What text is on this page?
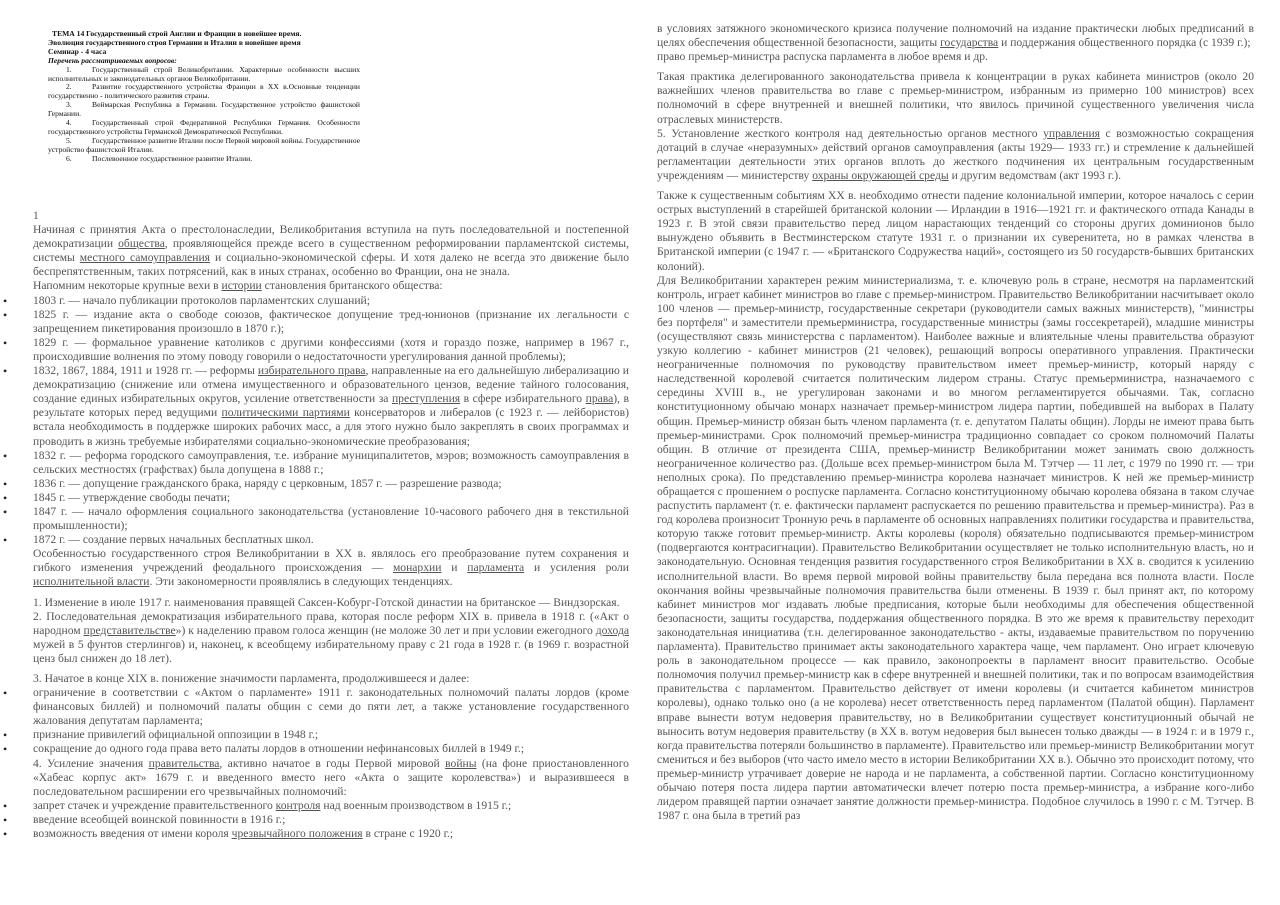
ТЕМА 14 Государственный строй Англии и Франции в новейшее время.
Эволюция государственного строя Германии и Италии в новейшее время
Семинар - 4 часа
Перечень рассматриваемых вопросов:
1.	Государственный строй Великобритании. Характерные особенности высших исполнительных и законодательных органов Великобритании.
2.	Развитие государственного устройства Франции в XX в.Основные тенденции государственно - политического развития страны.
3.	Веймарская Республика в Германии. Государственное устройство фашистской Германии.
4.	Государственный строй Федеративной Республики Германия. Особенности государственного устройства Германской Демократической Республики.
5.	Государственное развитие Италии после Первой мировой войны. Государственное устройство фашистской Италии.
6.	Послевоенное государственное развитие Италии.

1

Начиная с принятия Акта о престолонаследии, Великобритания вступила на путь последовательной и постепенной демократизации общества, проявляющейся прежде всего в существенном реформировании парламентской системы, системы местного самоуправления и социально-экономической сферы. И хотя далеко не всегда это движение было беспрепятственным, таких потрясений, как в иных странах, особенно во Франции, она не знала.

Напомним некоторые крупные вехи в истории становления британского общества:

• 1803 г. — начало публикации протоколов парламентских слушаний;
• 1825 г. — издание акта о свободе союзов, фактическое допущение тред-юнионов (признание их легальности с запрещением пикетирования произошло в 1870 г.);
• 1829 г. — формальное уравнение католиков с другими конфессиями (хотя и гораздо позже, например в 1967 г., происходившие волнения по этому поводу говорили о недостаточности урегулирования данной проблемы);
• 1832, 1867, 1884, 1911 и 1928 гг. — реформы избирательного права, направленные на его дальнейшую либерализацию и демократизацию (снижение или отмена имущественного и образовательного цензов, ведение тайного голосования, создание единых избирательных округов, усиление ответственности за преступления в сфере избирательного права), в результате которых перед ведущими политическими партиями консерваторов и либералов (с 1923 г. — лейбористов) встала необходимость в поддержке широких рабочих масс, а для этого нужно было закреплять в своих программах и проводить в жизнь требуемые избирателями социально-экономические преобразования;
• 1832 г. — реформа городского самоуправления, т.е. избрание муниципалитетов, мэров; возможность самоуправления в сельских местностях (графствах) была допущена в 1888 г.;
• 1836 г. — допущение гражданского брака, наряду с церковным, 1857 г. — разрешение развода;
• 1845 г. — утверждение свободы печати;
• 1847 г. — начало оформления социального законодательства (установление 10-часового рабочего дня в текстильной промышленности);
• 1872 г. — создание первых начальных бесплатных школ.

Особенностью государственного строя Великобритании в XX в. являлось его преобразование путем сохранения и гибкого изменения учреждений феодального происхождения — монархии и парламента и усиления роли исполнительной власти. Эти закономерности проявлялись в следующих тенденциях.

1. Изменение в июле 1917 г. наименования правящей Саксен-Кобург-Готской династии на британское — Виндзорская.

2. Последовательная демократизация избирательного права, которая после реформ XIX в. привела в 1918 г. («Акт о народном представительстве») к наделению правом голоса женщин (не моложе 30 лет и при условии ежегодного дохода мужей в 5 фунтов стерлингов) и, наконец, к всеобщему избирательному праву с 21 года в 1928 г. (в 1969 г. возрастной ценз был снижен до 18 лет).

3. Начатое в конце XIX в. понижение значимости парламента, продолжившееся и далее:

• ограничение в соответствии с «Актом о парламенте» 1911 г. законодательных полномочий палаты лордов (кроме финансовых биллей) и полномочий палаты общин с семи до пяти лет, а также установление государственного жалования депутатам парламента;
• признание привилегий официальной оппозиции в 1948 г.;
• сокращение до одного года права вето палаты лордов в отношении нефинансовых биллей в 1949 г.;

4. Усиление значения правительства, активно начатое в годы Первой мировой войны (на фоне приостановленного «Хабеас корпус акт» 1679 г. и введенного вместо него «Акта о защите королевства») и выразившееся в последовательном расширении его чрезвычайных полномочий:

• запрет стачек и учреждение правительственного контроля над военным производством в 1915 г.;
• введение всеобщей воинской повинности в 1916 г.;
• возможность введения от имени короля чрезвычайного положения в стране с 1920 г.;

в условиях затяжного экономического кризиса получение полномочий на издание практически любых предписаний в целях обеспечения общественной безопасности, защиты государства и поддержания общественного порядка (с 1939 г.);

право премьер-министра распуска парламента в любое время и др.

Такая практика делегированного законодательства привела к концентрации в руках кабинета министров (около 20 важнейших членов правительства во главе с премьер-министром, избранным из примерно 100 министров) всех полномочий в сфере внутренней и внешней политики, что явилось причиной существенного увеличения числа отраслевых министерств.

5. Установление жесткого контроля над деятельностью органов местного управления с возможностью сокращения дотаций в случае «неразумных» действий органов самоуправления (акты 1929— 1933 гг.) и стремление к дальнейшей регламентации деятельности этих органов вплоть до жесткого подчинения их центральным государственным учреждениям — министерству охраны окружающей среды и другим ведомствам (акт 1993 г.).

Также к существенным событиям XX в. необходимо отнести падение колониальной империи, которое началось с серии острых выступлений в старейшей британской колонии — Ирландии в 1916—1921 гг. и фактического отпада Канады в 1923 г. В этой связи правительство перед лицом нарастающих тенденций со стороны других доминионов было вынуждено объявить в Вестминстерском статуте 1931 г. о признании их суверенитета, но в рамках членства в Британской империи (с 1947 г. — «Британского Содружества наций», состоящего из 50 государств-бывших британских колоний).

Для Великобритании характерен режим министериализма, т. е. ключевую роль в стране, несмотря на парламентский контроль, играет кабинет министров во главе с премьер-министром. Правительство Великобритании насчитывает около 100 членов — премьер-министр, государственные секретари (руководители самых важных министерств), "министры без портфеля" и заместители премьерминистра, государственные министры (замы госсекретарей), младшие министры (осуществляют связь министерства с парламентом). Наиболее важные и влиятельные члены правительства образуют узкую коллегию - кабинет министров (21 человек), решающий вопросы оперативного управления. Практически неограниченные полномочия по руководству правительством имеет премьер-министр, который наряду с наследственной королевой считается политическим лидером страны. Статус премьерминистра, назначаемого с середины XVIII в., не урегулирован законами и во многом регламентируется обычаями. Так, согласно конституционному обычаю монарх назначает премьер-министром лидера партии, победившей на выборах в Палату общин. Премьер-министр обязан быть членом парламента (т. е. депутатом Палаты общин). Лорды не имеют права быть премьер-министрами. Срок полномочий премьер-министра традиционно совпадает со сроком полномочий Палаты общин. В отличие от президента США, премьер-министр Великобритании может занимать свою должность неограниченное количество раз. (Дольше всех премьер-министром была М. Тэтчер — 11 лет, с 1979 по 1990 гг. — три неполных срока). По представлению премьер-министра королева назначает министров. К ней же премьер-министр обращается с прошением о роспуске парламента. Согласно конституционному обычаю королева обязана в таком случае распустить парламент (т. е. фактически парламент распускается по решению правительства и премьер-министра). Раз в год королева произносит Тронную речь в парламенте об основных направлениях политики государства и правительства, которую также готовит премьер-министр. Акты королевы (короля) обязательно подписываются премьер-министром (подвергаются контрасигнации). Правительство Великобритании осуществляет не только исполнительную власть, но и законодательную. Основная тенденция развития государственного строя Великобритании в XX в. сводится к усилению исполнительной власти. Во время первой мировой войны правительству была передана вся полнота власти. После окончания войны чрезвычайные полномочия правительства были отменены. В 1939 г. был принят акт, по которому кабинет министров мог издавать любые предписания, которые были необходимы для обеспечения общественной безопасности, защиты государства, поддержания общественного порядка. В это же время к правительству переходит законодательная инициатива (т.н. делегированное законодательство - акты, издаваемые правительством по поручению парламента). Правительство принимает акты законодательного характера чаще, чем парламент. Оно играет ключевую роль в законодательном процессе — как правило, законопроекты в парламент вносит правительство. Особые полномочия получил премьер-министр как в сфере внутренней и внешней политики, так и по вопросам взаимодействия правительства с парламентом. Правительство действует от имени королевы (и считается кабинетом министров королевы), однако только оно (а не королева) несет ответственность перед парламентом (Палатой общин). Парламент вправе вынести вотум недоверия правительству, но в Великобритании существует конституционный обычай не выносить вотум недоверия правительству (в XX в. вотум недоверия был вынесен только дважды — в 1924 г. и в 1979 г., когда правительства потеряли большинство в парламенте). Правительство или премьер-министр Великобритании могут смениться и без выборов (что часто имело место в истории Великобритании XX в.). Обычно это происходит потому, что премьер-министр утрачивает доверие не народа и не парламента, а собственной партии. Согласно конституционному обычаю потеря поста лидера партии автоматически влечет потерю поста премьер-министра, а избрание кого-либо лидером правящей партии означает занятие должности премьер-министра. Подобное случилось в 1990 г. с М. Тэтчер. В 1987 г. она была в третий раз
